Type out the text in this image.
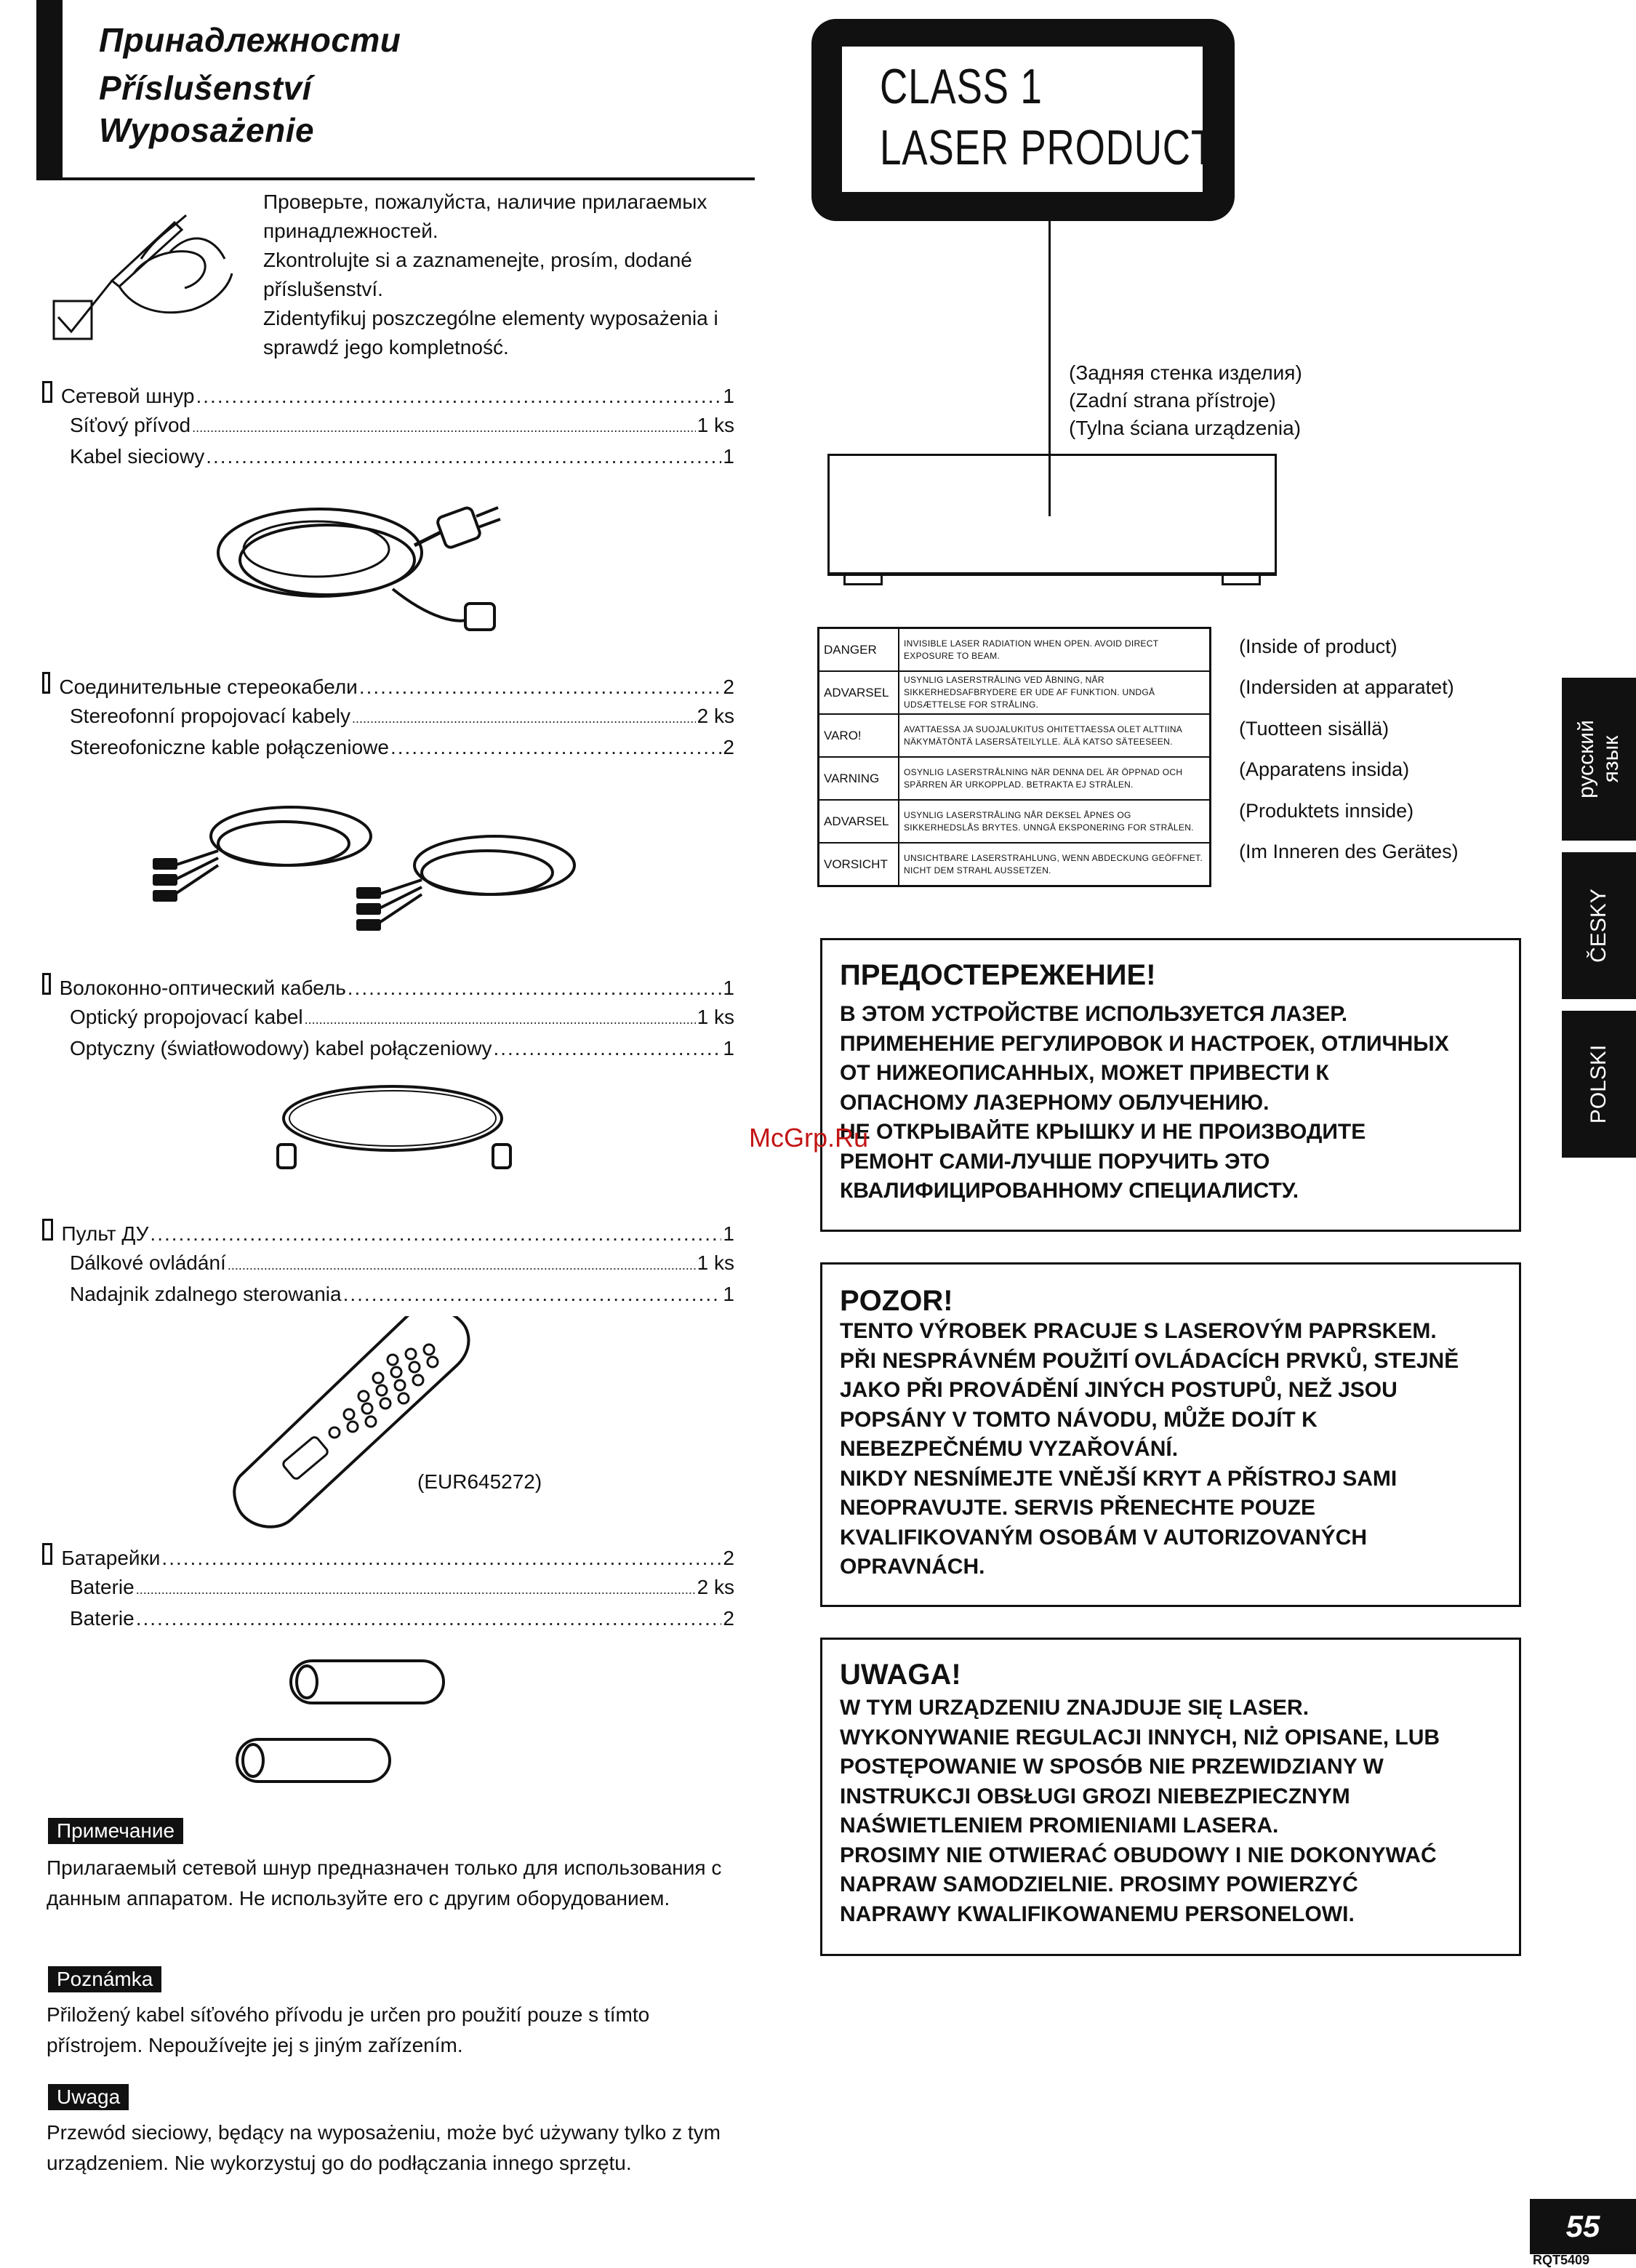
Принадлежности
Příslušenství
Wyposażenie
Проверьте, пожалуйста, наличие прилагаемых принадлежностей.
Zkontrolujte si a zaznamenejte, prosím, dodané příslušenství.
Zidentyfikuj poszczególne elementy wyposażenia i sprawdź jego kompletność.
Сетевой шнур .....	1
Síťový přívod .....	1 ks
Kabel sieciowy .....	1
Соединительные стереокабели .....	2
Stereofonní propojovací kabely .....	2 ks
Stereofoniczne kable połączeniowe .....	2
Волоконно-оптический кабель .....	1
Optický propojovací kabel .....	1 ks
Optyczny (światłowodowy) kabel połączeniowy .....	1
Пульт ДУ .....	1
Dálkové ovládání .....	1 ks
Nadajnik zdalnego sterowania .....	1
(EUR645272)
Батарейки .....	2
Baterie .....	2 ks
Baterie .....	2
Примечание
Прилагаемый сетевой шнур предназначен только для использования с данным аппаратом. Не используйте его с другим оборудованием.
Poznámka
Přiložený kabel síťového přívodu je určen pro použití pouze s tímto přístrojem. Nepoužívejte jej s jiným zařízením.
Uwaga
Przewód sieciowy, będący na wyposażeniu, może być używany tylko z tym urządzeniem. Nie wykorzystuj go do podłączania innego sprzętu.
CLASS 1
LASER PRODUCT
(Задняя стенка изделия)
(Zadní strana přístroje)
(Tylna ściana urządzenia)
DANGER	INVISIBLE LASER RADIATION WHEN OPEN. AVOID DIRECT EXPOSURE TO BEAM.
ADVARSEL	USYNLIG LASERSTRÅLING VED ÅBNING, NÅR SIKKERHEDSAFBRYDERE ER UDE AF FUNKTION. UNDGÅ UDSÆTTELSE FOR STRÅLING.
VARO!	AVATTAESSA JA SUOJALUKITUS OHITETTAESSA OLET ALTTIINA NÄKYMÄTÖNTÄ LASERSÄTEILYLLE. ÄLÄ KATSO SÄTEESEEN.
VARNING	OSYNLIG LASERSTRÅLNING NÄR DENNA DEL ÄR ÖPPNAD OCH SPÄRREN ÄR URKOPPLAD. BETRAKTA EJ STRÅLEN.
ADVARSEL	USYNLIG LASERSTRÅLING NÅR DEKSEL ÅPNES OG SIKKERHEDSLÅS BRYTES. UNNGÅ EKSPONERING FOR STRÅLEN.
VORSICHT	UNSICHTBARE LASERSTRAHLUNG, WENN ABDECKUNG GEÖFFNET. NICHT DEM STRAHL AUSSETZEN.
(Inside of product)
(Indersiden at apparatet)
(Tuotteen sisällä)
(Apparatens insida)
(Produktets innside)
(Im Inneren des Gerätes)
ПРЕДОСТЕРЕЖЕНИЕ!
В ЭТОМ УСТРОЙСТВЕ ИСПОЛЬЗУЕТСЯ ЛАЗЕР.
ПРИМЕНЕНИЕ РЕГУЛИРОВОК И НАСТРОЕК, ОТЛИЧНЫХ
ОТ НИЖЕОПИСАННЫХ, МОЖЕТ ПРИВЕСТИ К
ОПАСНОМУ ЛАЗЕРНОМУ ОБЛУЧЕНИЮ.
НЕ ОТКРЫВАЙТЕ КРЫШКУ И НЕ ПРОИЗВОДИТЕ
РЕМОНТ САМИ-ЛУЧШЕ ПОРУЧИТЬ ЭТО
КВАЛИФИЦИРОВАННОМУ СПЕЦИАЛИСТУ.
POZOR!
TENTO VÝROBEK PRACUJE S LASEROVÝM PAPRSKEM.
PŘI NESPRÁVNÉM POUŽITÍ OVLÁDACÍCH PRVKŮ, STEJNĚ
JAKO PŘI PROVÁDĚNÍ JINÝCH POSTUPŮ, NEŽ JSOU
POPSÁNY V TOMTO NÁVODU, MŮŽE DOJÍT K
NEBEZPEČNÉMU VYZAŘOVÁNÍ.
NIKDY NESNÍMEJTE VNĚJŠÍ KRYT A PŘÍSTROJ SAMI
NEOPRAVUJTE. SERVIS PŘENECHTE POUZE
KVALIFIKOVANÝM OSOBÁM V AUTORIZOVANÝCH
OPRAVNÁCH.
UWAGA!
W TYM URZĄDZENIU ZNAJDUJE SIĘ LASER.
WYKONYWANIE REGULACJI INNYCH, NIŻ OPISANE, LUB
POSTĘPOWANIE W SPOSÓB NIE PRZEWIDZIANY W
INSTRUKCJI OBSŁUGI GROZI NIEBEZPIECZNYM
NAŚWIETLENIEM PROMIENIAMI LASERA.
PROSIMY NIE OTWIERAĆ OBUDOWY I NIE DOKONYWAĆ
NAPRAW SAMODZIELNIE. PROSIMY POWIERZYĆ
NAPRAWY KWALIFIKOWANEMU PERSONELOWI.
русский
язык
ČESKY
POLSKI
55
RQT5409
McGrp.Ru
